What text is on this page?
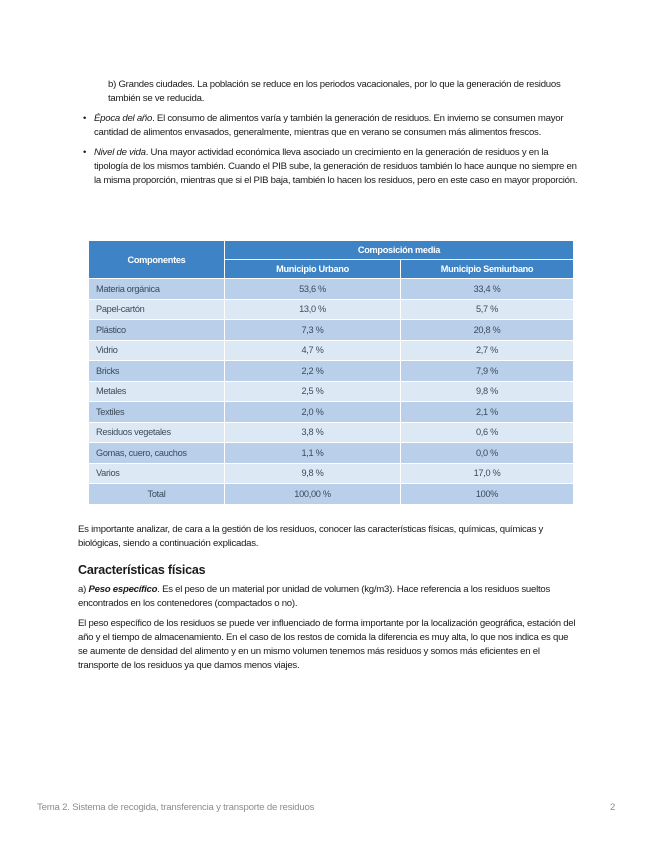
b) Grandes ciudades. La población se reduce en los periodos vacacionales, por lo que la generación de residuos también se ve reducida.
• Época del año. El consumo de alimentos varía y también la generación de residuos. En invierno se consumen mayor cantidad de alimentos envasados, generalmente, mientras que en verano se consumen más alimentos frescos.
• Nivel de vida. Una mayor actividad económica lleva asociado un crecimiento en la generación de residuos y en la tipología de los mismos también. Cuando el PIB sube, la generación de residuos también lo hace aunque no siempre en la misma proporción, mientras que si el PIB baja, también lo hacen los residuos, pero en este caso en mayor proporción.
Componentes	Composición media	
	Municipio Urbano	Municipio Semiurbano
Materia orgánica	53,6 %	33,4 %
Papel-cartón	13,0 %	5,7 %
Plástico	7,3 %	20,8 %
Vidrio	4,7 %	2,7 %
Bricks	2,2 %	7,9 %
Metales	2,5 %	9,8 %
Textiles	2,0 %	2,1 %
Residuos vegetales	3,8 %	0,6 %
Gomas, cuero, cauchos	1,1 %	0,0 %
Varios	9,8 %	17,0 %
Total	100,00 %	100%
Es importante analizar, de cara a la gestión de los residuos, conocer las características físicas, químicas, químicas y biológicas, siendo a continuación explicadas.
Características físicas
a) Peso específico. Es el peso de un material por unidad de volumen (kg/m3). Hace referencia a los residuos sueltos encontrados en los contenedores (compactados o no).
El peso específico de los residuos se puede ver influenciado de forma importante por la localización geográfica, estación del año y el tiempo de almacenamiento. En el caso de los restos de comida la diferencia es muy alta, lo que nos indica es que se aumente de densidad del alimento y en un mismo volumen tenemos más residuos y somos más eficientes en el transporte de los residuos ya que damos menos viajes.
Tema 2. Sistema de recogida, transferencia y transporte de residuos	2
